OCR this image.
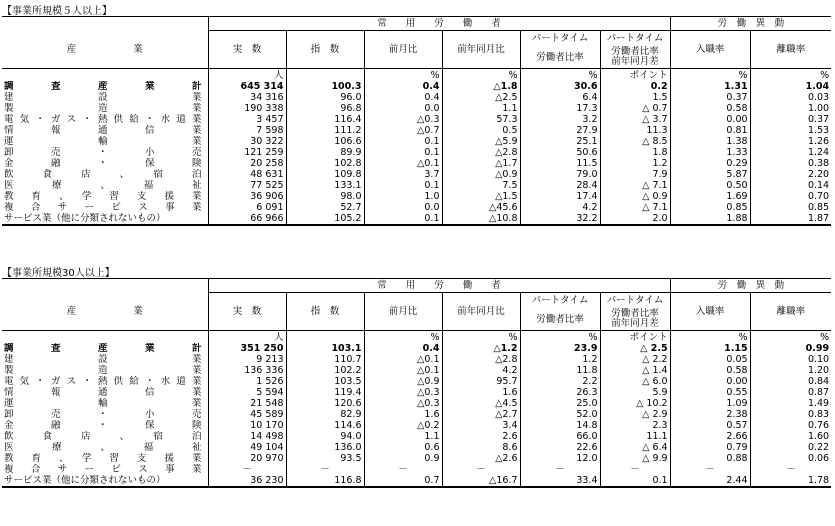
【事業所規模５人以上】
	常　　用　　労　　働　　者						労　働　異　動	
産　　　　　　業	実　数	指　数	前月比	前年同月比	パートタイム	パートタイム	入職率	離職率
					労働者比率	労働者比率
前年同月差		

	人		%	%	%	ポイント	%	%
調　　査　　産　　業　　計	645 314	100.3	0.4	△1.8	30.6	0.2	1.31	1.04
建　　　　設　　　　業	34 316	96.0	0.4	△2.5	6.4	1.5	0.37	0.03
製　　　　造　　　　業	190 338	96.8	0.0	1.1	17.3	△ 0.7	0.58	1.00
電気・ガス・熱供給・水道業	3 457	116.4	△0.3	57.3	3.2	△ 3.7	0.00	0.37
情　　報　　通　　信　　業	7 598	111.2	△0.7	0.5	27.9	11.3	0.81	1.53
運　　　　輸　　　　業	30 322	106.6	0.1	△5.9	25.1	△ 8.5	1.38	1.26
卸　　売　　・　　小　　売	121 259	89.9	0.1	△2.8	50.6	1.8	1.33	1.24
金　　融　　・　　保　　険	20 258	102.8	△0.1	△1.7	11.5	1.2	0.29	0.38
飲　　食　　店　　、　　宿　　泊	48 631	109.8	3.7	△0.9	79.0	7.9	5.87	2.20
医　　療　　、　　福　　祉	77 525	133.1	0.1	7.5	28.4	△ 7.1	0.50	0.14
教　育　、　学　習　支　援　業	36 906	98.0	1.0	△1.5	17.4	△ 0.9	1.69	0.70
複　合　サ　ー　ビ　ス　事　業	6 091	52.7	0.0	△45.6	4.2	△ 7.1	0.85	0.85
サービス業（他に分類されないもの）	66 966	105.2	0.1	△10.8	32.2	2.0	1.88	1.87
【事業所規模30人以上】
	常　　用　　労　　働　　者						労　働　異　動	
産　　　　　　業	実　数	指　数	前月比	前年同月比	パートタイム	パートタイム	入職率	離職率
					労働者比率	労働者比率
前年同月差		

	人		%	%	%	ポイント	%	%
調　　査　　産　　業　　計	351 250	103.1	0.4	△1.2	23.9	△ 2.5	1.15	0.99
建　　　　設　　　　業	9 213	110.7	△0.1	△2.8	1.2	△ 2.2	0.05	0.10
製　　　　造　　　　業	136 336	102.2	△0.1	4.2	11.8	△ 1.4	0.58	1.20
電気・ガス・熱供給・水道業	1 526	103.5	△0.9	95.7	2.2	△ 6.0	0.00	0.84
情　　報　　通　　信　　業	5 594	119.4	△0.3	1.6	26.3	5.9	0.55	0.87
運　　　　輸　　　　業	21 548	120.6	△0.3	△4.5	25.0	△ 10.2	1.09	1.49
卸　　売　　・　　小　　売	45 589	82.9	1.6	△2.7	52.0	△ 2.9	2.38	0.83
金　　融　　・　　保　　険	10 170	114.6	△0.2	3.4	14.8	2.3	0.57	0.76
飲　　食　　店　　、　　宿　　泊	14 498	94.0	1.1	2.6	66.0	11.1	2.66	1.60
医　　療　　、　　福　　祉	49 104	136.0	0.6	8.6	22.6	△ 6.4	0.79	0.22
教　育　、　学　習　支　援　業	20 970	93.5	0.9	△2.6	12.0	△ 9.9	0.88	0.06
複　合　サ　ー　ビ　ス　事　業	－	－	－	－	－	－	－	－
サービス業（他に分類されないもの）	36 230	116.8	0.7	△16.7	33.4	0.1	2.44	1.78
